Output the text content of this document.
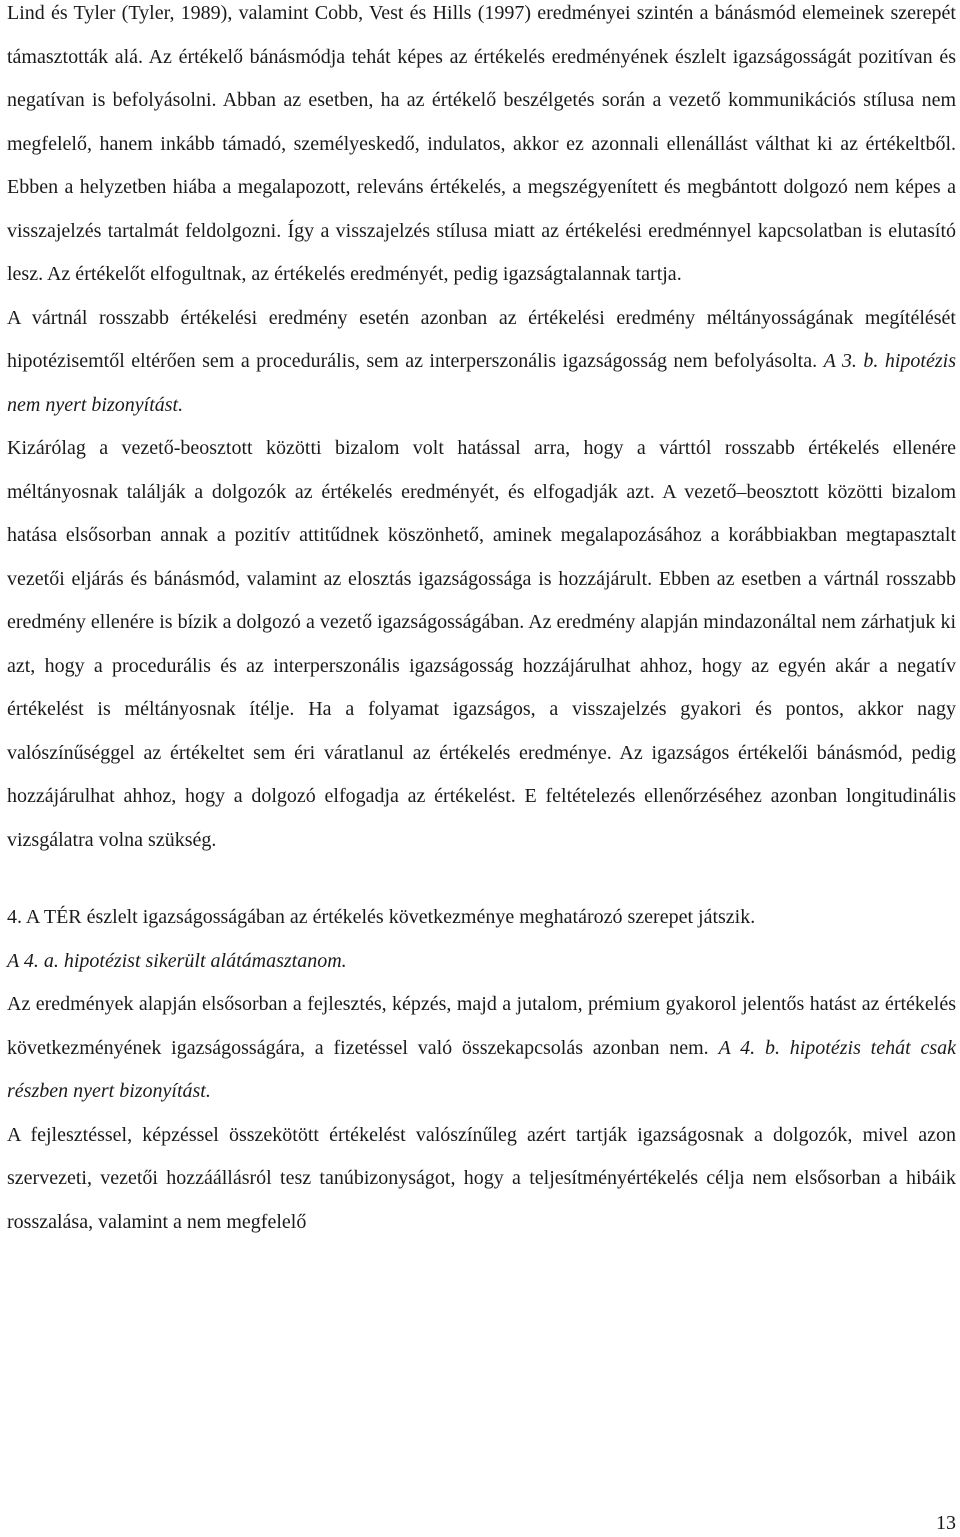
Lind és Tyler (Tyler, 1989), valamint Cobb, Vest és Hills (1997) eredményei szintén a bánásmód elemeinek szerepét támasztották alá. Az értékelő bánásmódja tehát képes az értékelés eredményének észlelt igazságosságát pozitívan és negatívan is befolyásolni. Abban az esetben, ha az értékelő beszélgetés során a vezető kommunikációs stílusa nem megfelelő, hanem inkább támadó, személyeskedő, indulatos, akkor ez azonnali ellenállást válthat ki az értékeltből. Ebben a helyzetben hiába a megalapozott, releváns értékelés, a megszégyenített és megbántott dolgozó nem képes a visszajelzés tartalmát feldolgozni. Így a visszajelzés stílusa miatt az értékelési eredménnyel kapcsolatban is elutasító lesz. Az értékelőt elfogultnak, az értékelés eredményét, pedig igazságtalannak tartja.

A vártnál rosszabb értékelési eredmény esetén azonban az értékelési eredmény méltányosságának megítélését hipotézisemtől eltérően sem a procedurális, sem az interperszonális igazságosság nem befolyásolta. A 3. b. hipotézis nem nyert bizonyítást.

Kizárólag a vezető-beosztott közötti bizalom volt hatással arra, hogy a várttól rosszabb értékelés ellenére méltányosnak találják a dolgozók az értékelés eredményét, és elfogadják azt. A vezető–beosztott közötti bizalom hatása elsősorban annak a pozitív attitűdnek köszönhető, aminek megalapozásához a korábbiakban megtapasztalt vezetői eljárás és bánásmód, valamint az elosztás igazságossága is hozzájárult. Ebben az esetben a vártnál rosszabb eredmény ellenére is bízik a dolgozó a vezető igazságosságában. Az eredmény alapján mindazonáltal nem zárhatjuk ki azt, hogy a procedurális és az interperszonális igazságosság hozzájárulhat ahhoz, hogy az egyén akár a negatív értékelést is méltányosnak ítélje. Ha a folyamat igazságos, a visszajelzés gyakori és pontos, akkor nagy valószínűséggel az értékeltet sem éri váratlanul az értékelés eredménye. Az igazságos értékelői bánásmód, pedig hozzájárulhat ahhoz, hogy a dolgozó elfogadja az értékelést. E feltételezés ellenőrzéséhez azonban longitudinális vizsgálatra volna szükség.

4. A TÉR észlelt igazságosságában az értékelés következménye meghatározó szerepet játszik.

A 4. a. hipotézist sikerült alátámasztanom.

Az eredmények alapján elsősorban a fejlesztés, képzés, majd a jutalom, prémium gyakorol jelentős hatást az értékelés következményének igazságosságára, a fizetéssel való összekapcsolás azonban nem. A 4. b. hipotézis tehát csak részben nyert bizonyítást.

A fejlesztéssel, képzéssel összekötött értékelést valószínűleg azért tartják igazságosnak a dolgozók, mivel azon szervezeti, vezetői hozzáállásról tesz tanúbizonyságot, hogy a teljesítményértékelés célja nem elsősorban a hibáik rosszalása, valamint a nem megfelelő

13
